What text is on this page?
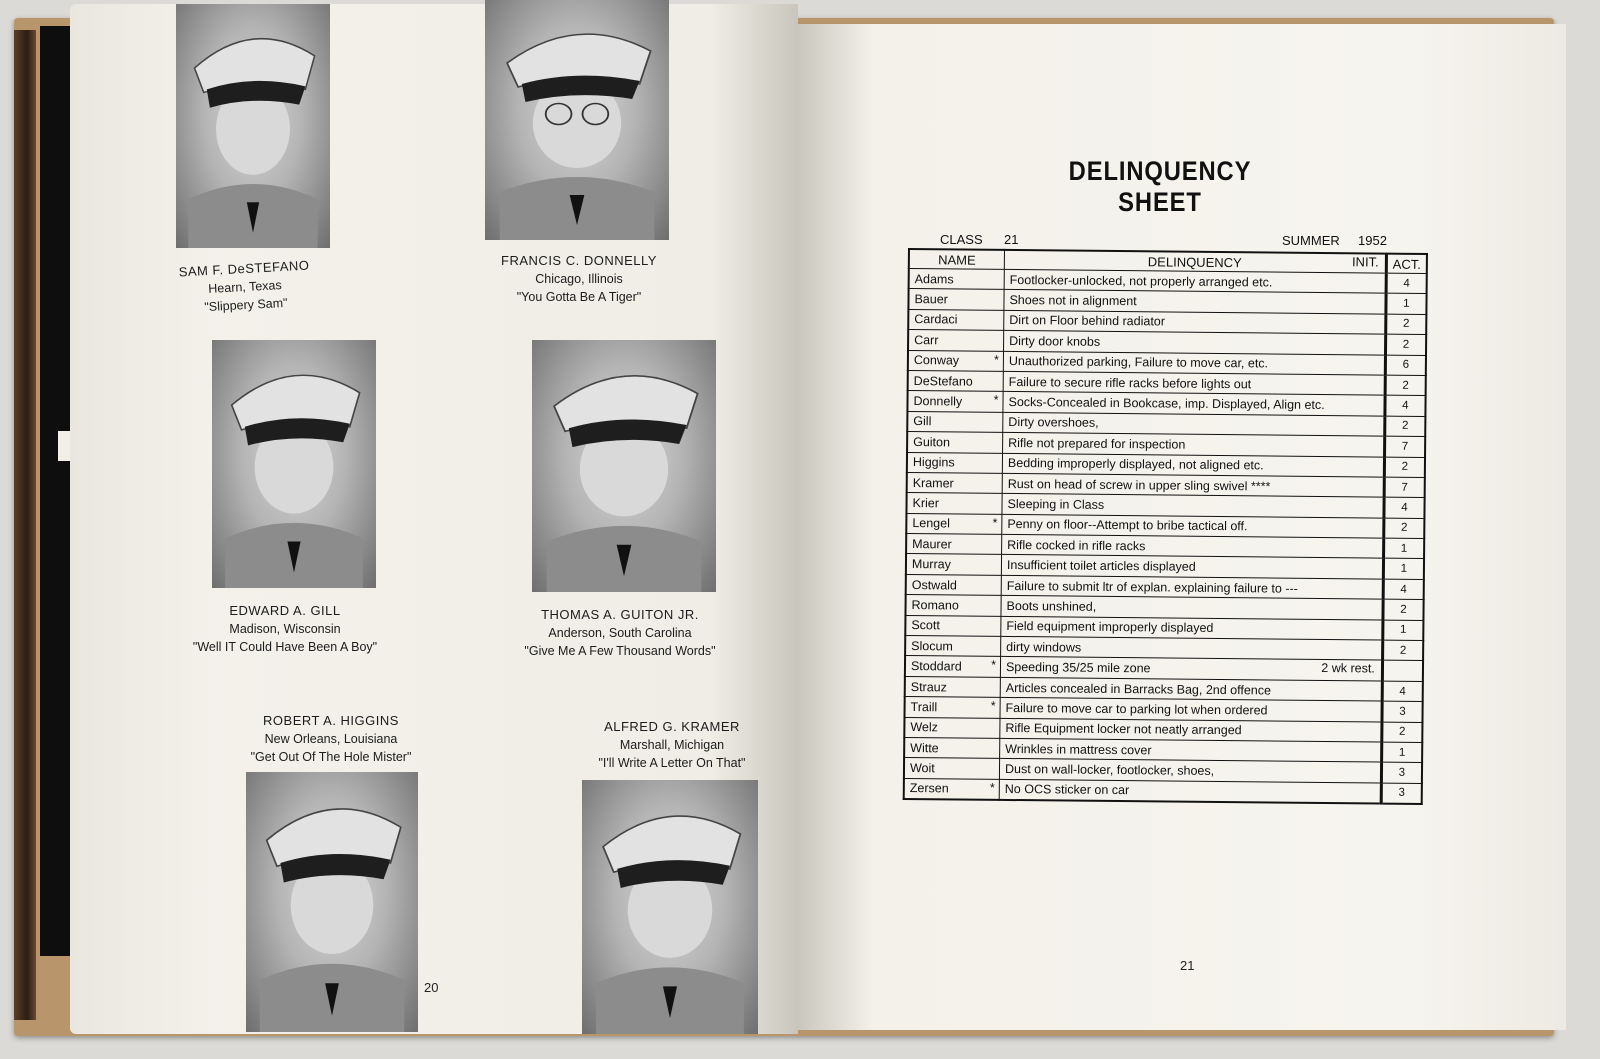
SAM F. DeSTEFANO
Hearn, Texas
"Slippery Sam"
FRANCIS C. DONNELLY
Chicago, Illinois
"You Gotta Be A Tiger"
EDWARD A. GILL
Madison, Wisconsin
"Well IT Could Have Been A Boy"
THOMAS A. GUITON JR.
Anderson, South Carolina
"Give Me A Few Thousand Words"
ROBERT A. HIGGINS
New Orleans, Louisiana
"Get Out Of The Hole Mister"
ALFRED G. KRAMER
Marshall, Michigan
"I'll Write A Letter On That"
20
DELINQUENCY SHEET
CLASS 21	SUMMER 1952
NAME	DELINQUENCY INIT.	ACT.
Adams	Footlocker-unlocked, not properly arranged etc.	4
Bauer	Shoes not in alignment	1
Cardaci	Dirt on Floor behind radiator	2
Carr	Dirty door knobs	2
Conway *	Unauthorized parking, Failure to move car, etc.	6
DeStefano	Failure to secure rifle racks before lights out	2
Donnelly *	Socks-Concealed in Bookcase, imp. Displayed, Align etc.	4
Gill	Dirty overshoes,	2
Guiton	Rifle not prepared for inspection	7
Higgins	Bedding improperly displayed, not aligned etc.	2
Kramer	Rust on head of screw in upper sling swivel ****	7
Krier	Sleeping in Class	4
Lengel *	Penny on floor--Attempt to bribe tactical off.	2
Maurer	Rifle cocked in rifle racks	1
Murray	Insufficient toilet articles displayed	1
Ostwald	Failure to submit ltr of explan. explaining failure to ---	4
Romano	Boots unshined,	2
Scott	Field equipment improperly displayed	1
Slocum	dirty windows	2
Stoddard *	Speeding 35/25 mile zone 2 wk rest.	

Strauz	Articles concealed in Barracks Bag, 2nd offence	4
Traill *	Failure to move car to parking lot when ordered	3
Welz	Rifle Equipment locker not neatly arranged	2
Witte	Wrinkles in mattress cover	1
Woit	Dust on wall-locker, footlocker, shoes,	3
Zersen *	No OCS sticker on car	3
21
